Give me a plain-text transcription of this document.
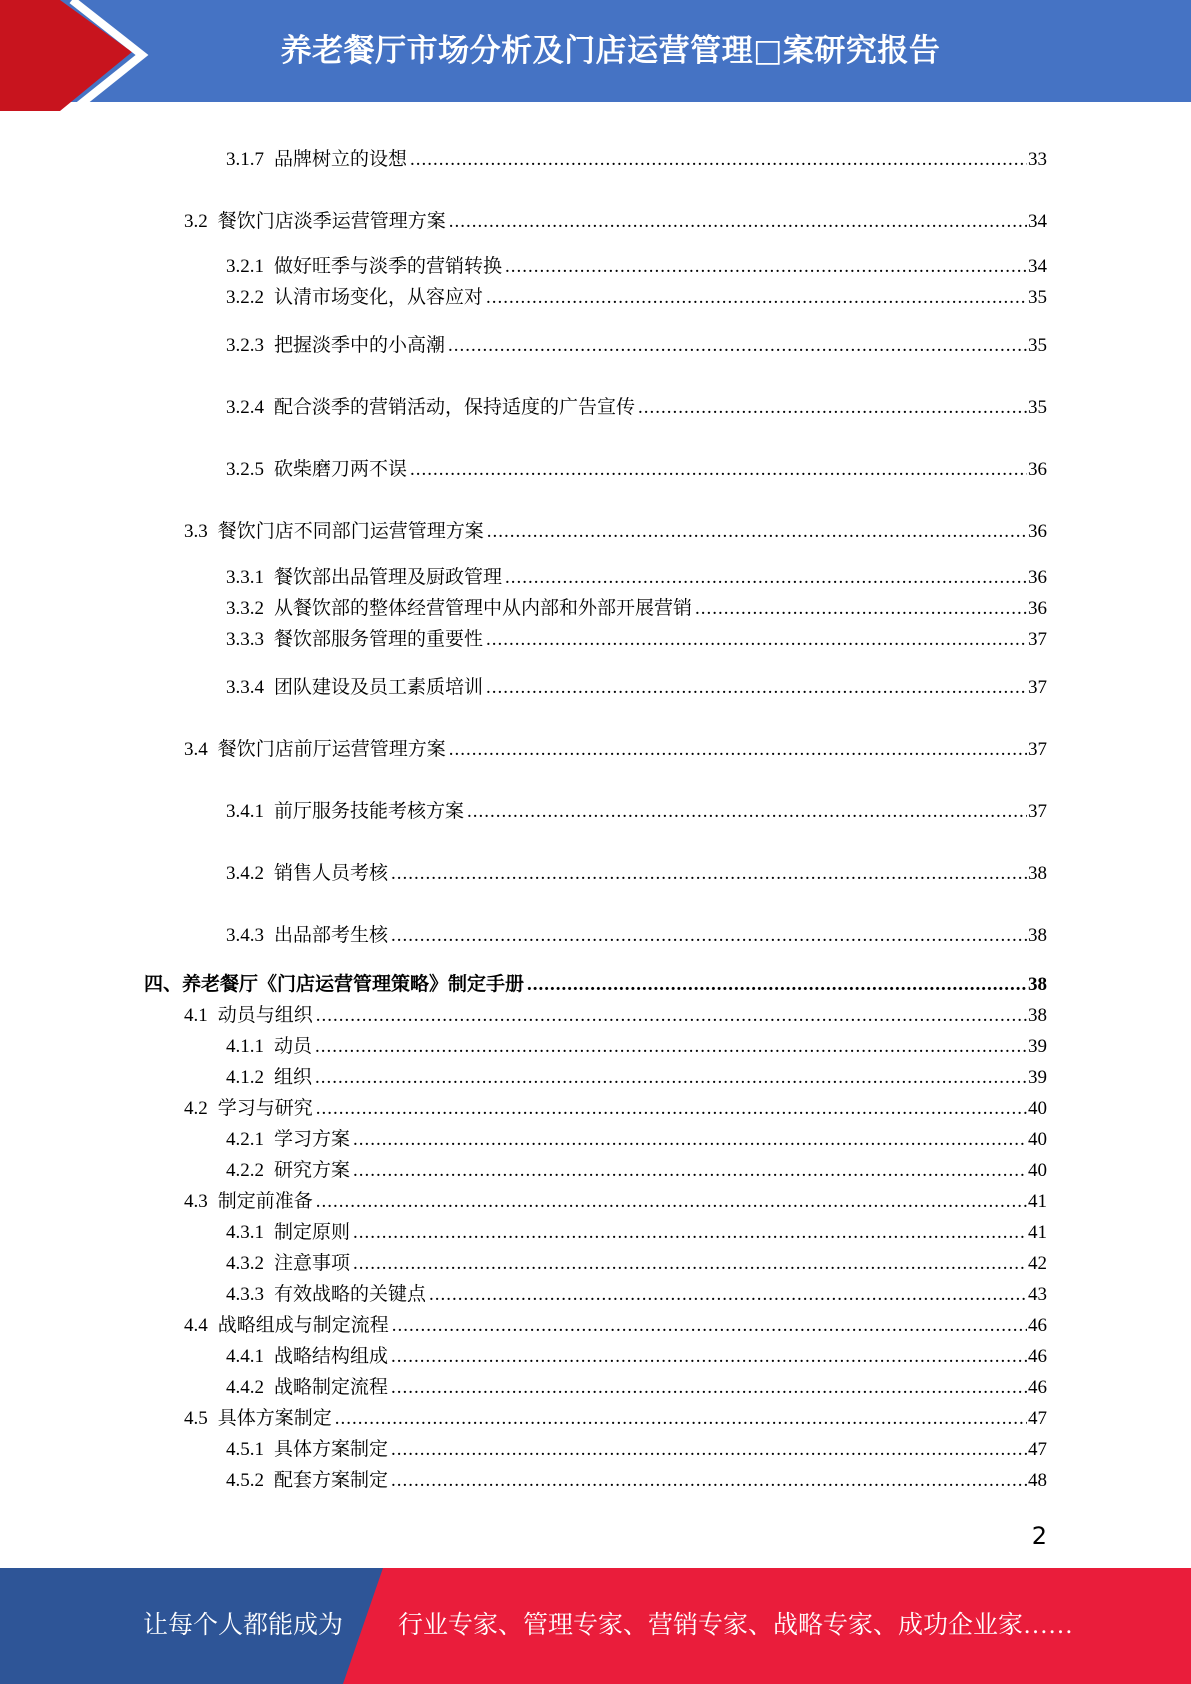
养老餐厅市场分析及门店运营管理□案研究报告
3.1.7 品牌树立的设想 .....	33
3.2 餐饮门店淡季运营管理方案 .....	34
3.2.1 做好旺季与淡季的营销转换 .....	34
3.2.2 认清市场变化，从容应对 .....	35
3.2.3 把握淡季中的小高潮 .....	35
3.2.4 配合淡季的营销活动，保持适度的广告宣传 .....	35
3.2.5 砍柴磨刀两不误 .....	36
3.3 餐饮门店不同部门运营管理方案 .....	36
3.3.1 餐饮部出品管理及厨政管理 .....	36
3.3.2 从餐饮部的整体经营管理中从内部和外部开展营销 .....	36
3.3.3 餐饮部服务管理的重要性 .....	37
3.3.4 团队建设及员工素质培训 .....	37
3.4 餐饮门店前厅运营管理方案 .....	37
3.4.1 前厅服务技能考核方案 .....	37
3.4.2 销售人员考核 .....	38
3.4.3 出品部考生核 .....	38
四、养老餐厅《门店运营管理策略》制定手册 .....	38
4.1 动员与组织 .....	38
4.1.1 动员 .....	39
4.1.2 组织 .....	39
4.2 学习与研究 .....	40
4.2.1 学习方案 .....	40
4.2.2 研究方案 .....	40
4.3 制定前准备 .....	41
4.3.1 制定原则 .....	41
4.3.2 注意事项 .....	42
4.3.3 有效战略的关键点 .....	43
4.4 战略组成与制定流程 .....	46
4.4.1 战略结构组成 .....	46
4.4.2 战略制定流程 .....	46
4.5 具体方案制定 .....	47
4.5.1 具体方案制定 .....	47
4.5.2 配套方案制定 .....	48
2
让每个人都能成为 行业专家、管理专家、营销专家、战略专家、成功企业家……
